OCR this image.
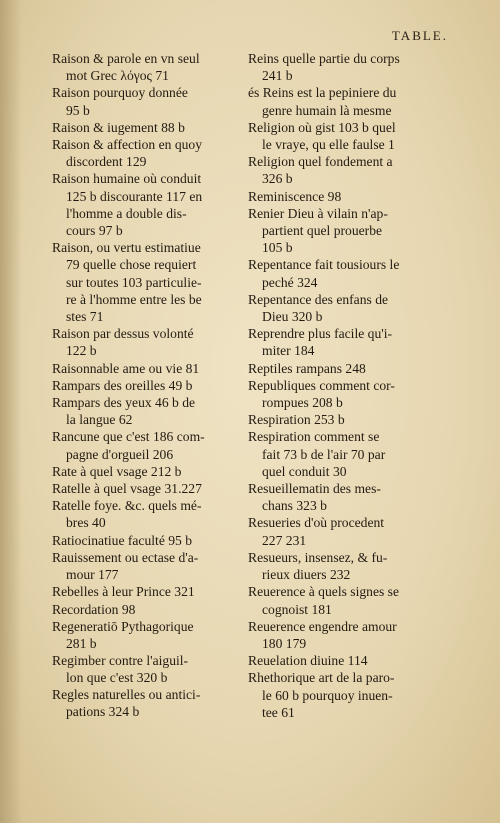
TABLE.
Raison & parole en vn seul
mot Grec λόγος 71
Raison pourquoy donnée
95 b
Raison & iugement 88 b
Raison & affection en quoy
discordent 129
Raison humaine où conduit
125 b discourante 117 en
l'homme a double dis-
cours 97 b
Raison, ou vertu estimatiue
79 quelle chose requiert
sur toutes 103 particulie-
re à l'homme entre les be
stes 71
Raison par dessus volonté
122 b
Raisonnable ame ou vie 81
Rampars des oreilles 49 b
Rampars des yeux 46 b de
la langue 62
Rancune que c'est 186 com-
pagne d'orgueil 206
Rate à quel vsage 212 b
Ratelle à quel vsage 31.227
Ratelle foye. &c. quels mé-
bres 40
Ratiocinatiue faculté 95 b
Rauissement ou ectase d'a-
mour 177
Rebelles à leur Prince 321
Recordation 98
Regeneratiō Pythagorique
281 b
Regimber contre l'aiguil-
lon que c'est 320 b
Reins quelle partie du corps
241 b
és Reins est la pepiniere du
genre humain là mesme
Religion où gist 103 b quel
le vraye, qu elle faulse 1
Religion quel fondement a
326 b
Reminiscence 98
Renier Dieu à vilain n'ap-
partient quel prouerbe
105 b
Repentance fait tousiours le
peché 324
Repentance des enfans de
Dieu 320 b
Reprendre plus facile qu'i-
miter 184
Reptiles rampans 248
Republiques comment cor-
rompues 208 b
Respiration 253 b
Respiration comment se
fait 73 b de l'air 70 par
quel conduit 30
Resueillematin des mes-
chans 323 b
Resueries d'où procedent
227 231
Resueurs, insensez, & fu-
rieux diuers 232
Reuerence à quels signes se
cognoist 181
Reuerence engendre amour
180 179
Reuelation diuine 114
Rhethorique art de la paro-
le 60 b pourquoy inuen-
tee 61
Regles naturelles ou antici-
pations 324 b
